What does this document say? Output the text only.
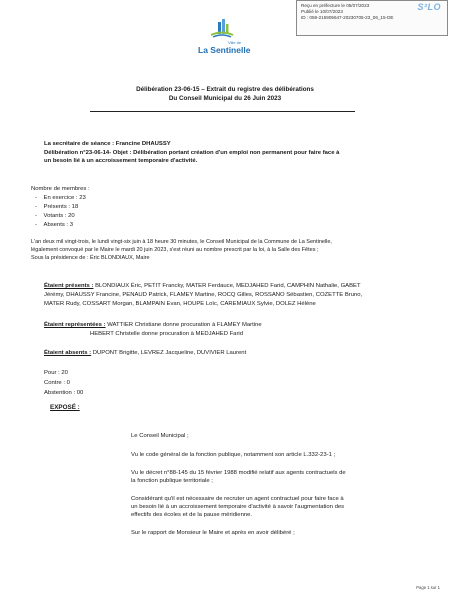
Reçu en préfecture le 05/07/2023
Publié le 10/07/2023
ID : 059-215905647-20230705-23_06_15-DE
S²LO
Ville de
La Sentinelle
Délibération 23-06-15 – Extrait du registre des délibérations
Du Conseil Municipal du 26 Juin 2023
La secrétaire de séance : Francine DHAUSSY
Délibération n°23-06-14- Objet : Délibération portant création d'un emploi non permanent pour faire face à
un besoin lié à un accroissement temporaire d'activité.
Nombre de membres :
-    En exercice : 23
-    Présents : 18
-    Votants : 20
-    Absents : 3
L'an deux mil vingt-trois, le lundi vingt-six juin à 18 heure 30 minutes, le Conseil Municipal de la Commune de La Sentinelle,
légalement convoqué par le Maire le mardi 20 juin 2023, s'est réuni au nombre prescrit par la loi, à la Salle des Fêtes ;
Sous la présidence de : Éric BLONDIAUX, Maire
Étaient présents : BLONDIAUX Éric, PETIT Francky, MATER Ferdauce, MEDJAHED Farid, CAMPHIN Nathalie, GABET
Jérémy, DHAUSSY Francine, PENAUD Patrick, FLAMEY Martine, ROCQ Gilles, ROSSANO Sébastien, COZETTE Bruno,
MATER Rudy, COSSART Morgan, BLAMPAIN Evan, HOUPE Loïc, CAREMIAUX Sylvie, DOLEZ Hélène
Étaient représentées : WATTIER Christiane donne procuration à FLAMEY Martine
HEBERT Christelle donne procuration à MEDJAHED Farid
Étaient absents : DUPONT Brigitte, LEVREZ Jacqueline, DUVIVIER Laurent
Pour : 20
Contre : 0
Abstention : 00
EXPOSÉ :
Le Conseil Municipal ;
Vu le code général de la fonction publique, notamment son article L.332-23-1 ;
Vu le décret n°88-145 du 15 février 1988 modifié relatif aux agents contractuels de
la fonction publique territoriale ;
Considérant qu'il est nécessaire de recruter un agent contractuel pour faire face à
un besoin lié à un accroissement temporaire d'activité à savoir l'augmentation des
effectifs des écoles et de la pause méridienne.
Sur le rapport de Monsieur le Maire et après en avoir délibéré ;
Page 1 sur 1
